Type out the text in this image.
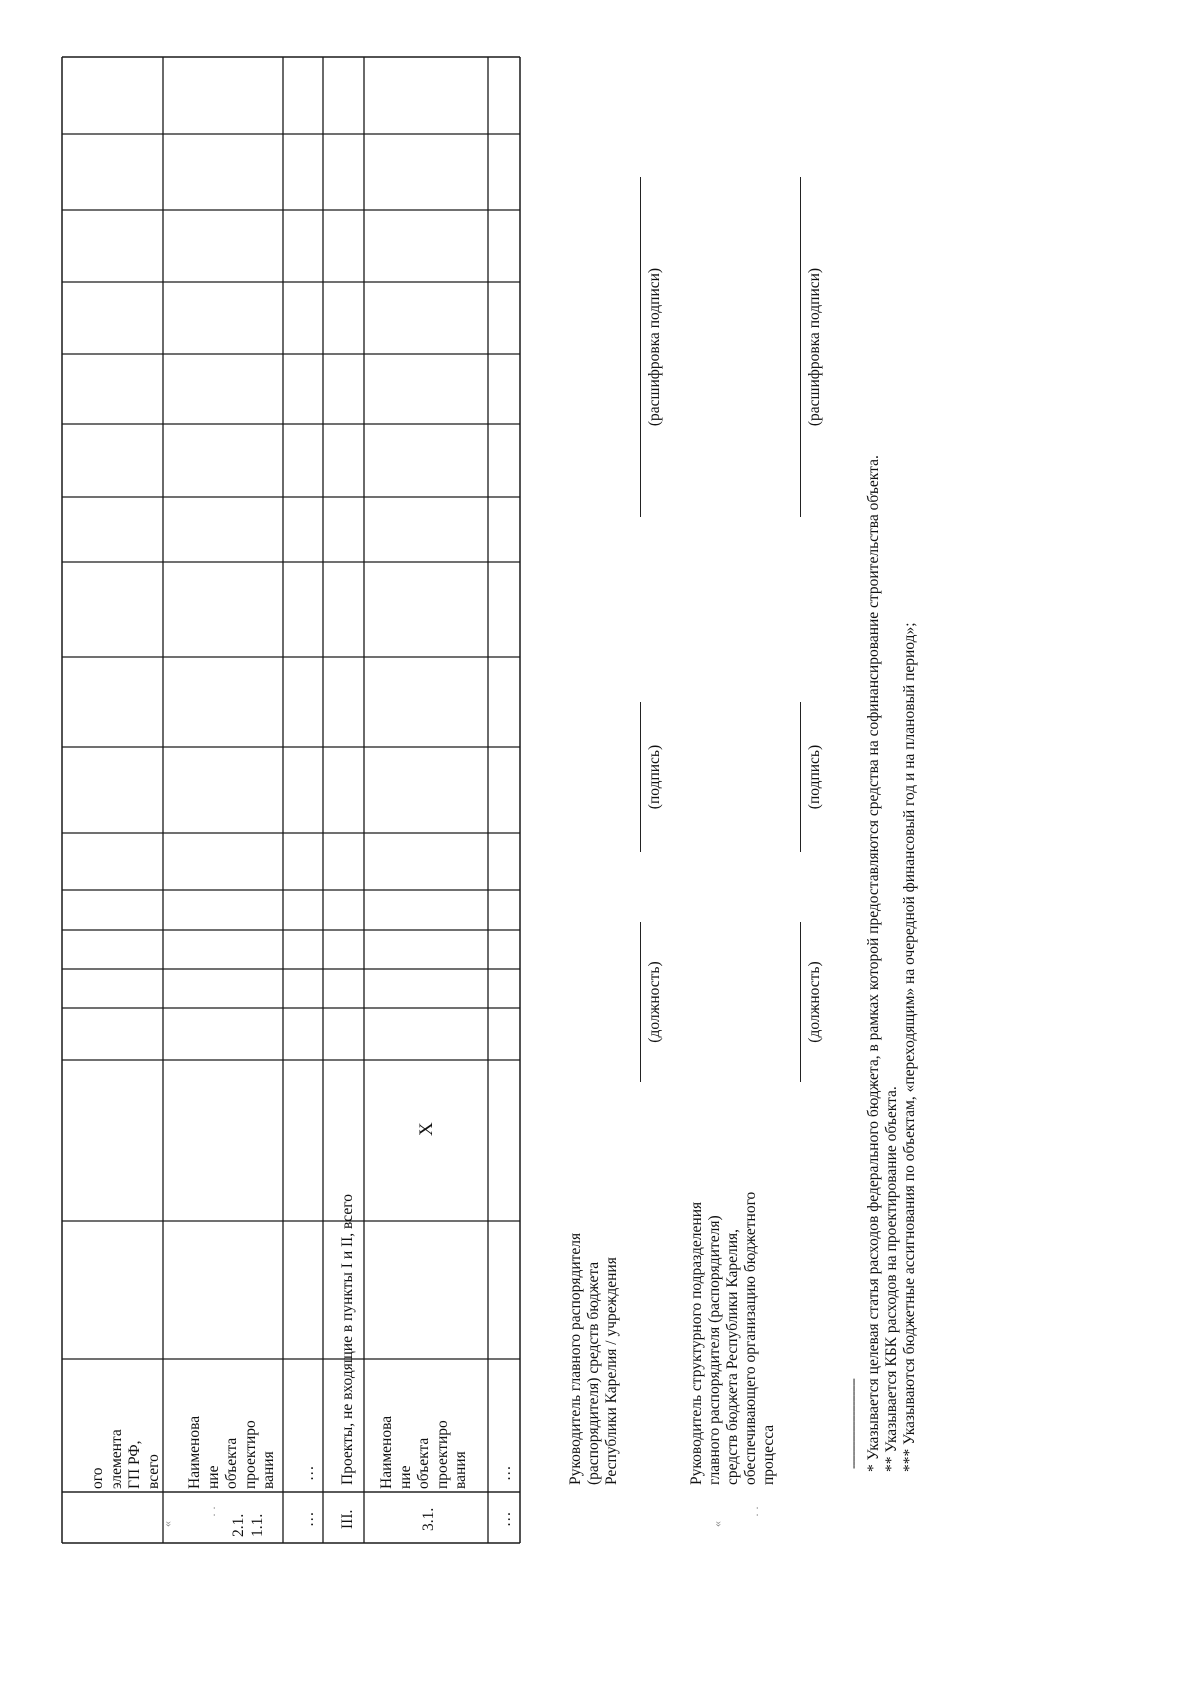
ого
элемента
ГП РФ,
всего
2.1.
1.1.
Наименова
ние
объекта
проектиро
вания
…
…
III.
Проекты, не входящие в пункты I и II, всего
3.1.
Наименова
ние
объекта
проектиро
вания
X
…
…	Руководитель главного распорядителя
(распорядителя) средств бюджета
Республики Карелия / учреждения
(должность)
(подпись)
(расшифровка подписи)
Руководитель структурного подразделения
главного распорядителя (распорядителя)
средств бюджета Республики Карелия,
обеспечивающего организацию бюджетного
процесса
(должность)
(подпись)
(расшифровка подписи)
--------------------------- * Указывается целевая статья расходов федерального бюджета, в рамках которой предоставляются средства на софинансирование строительства объекта. ** Указывается КБК расходов на проектирование объекта. *** Указываются бюджетные ассигнования по объектам, «переходящим» на очередной финансовый год и на плановый период»;
«
· ·
«
· ·
